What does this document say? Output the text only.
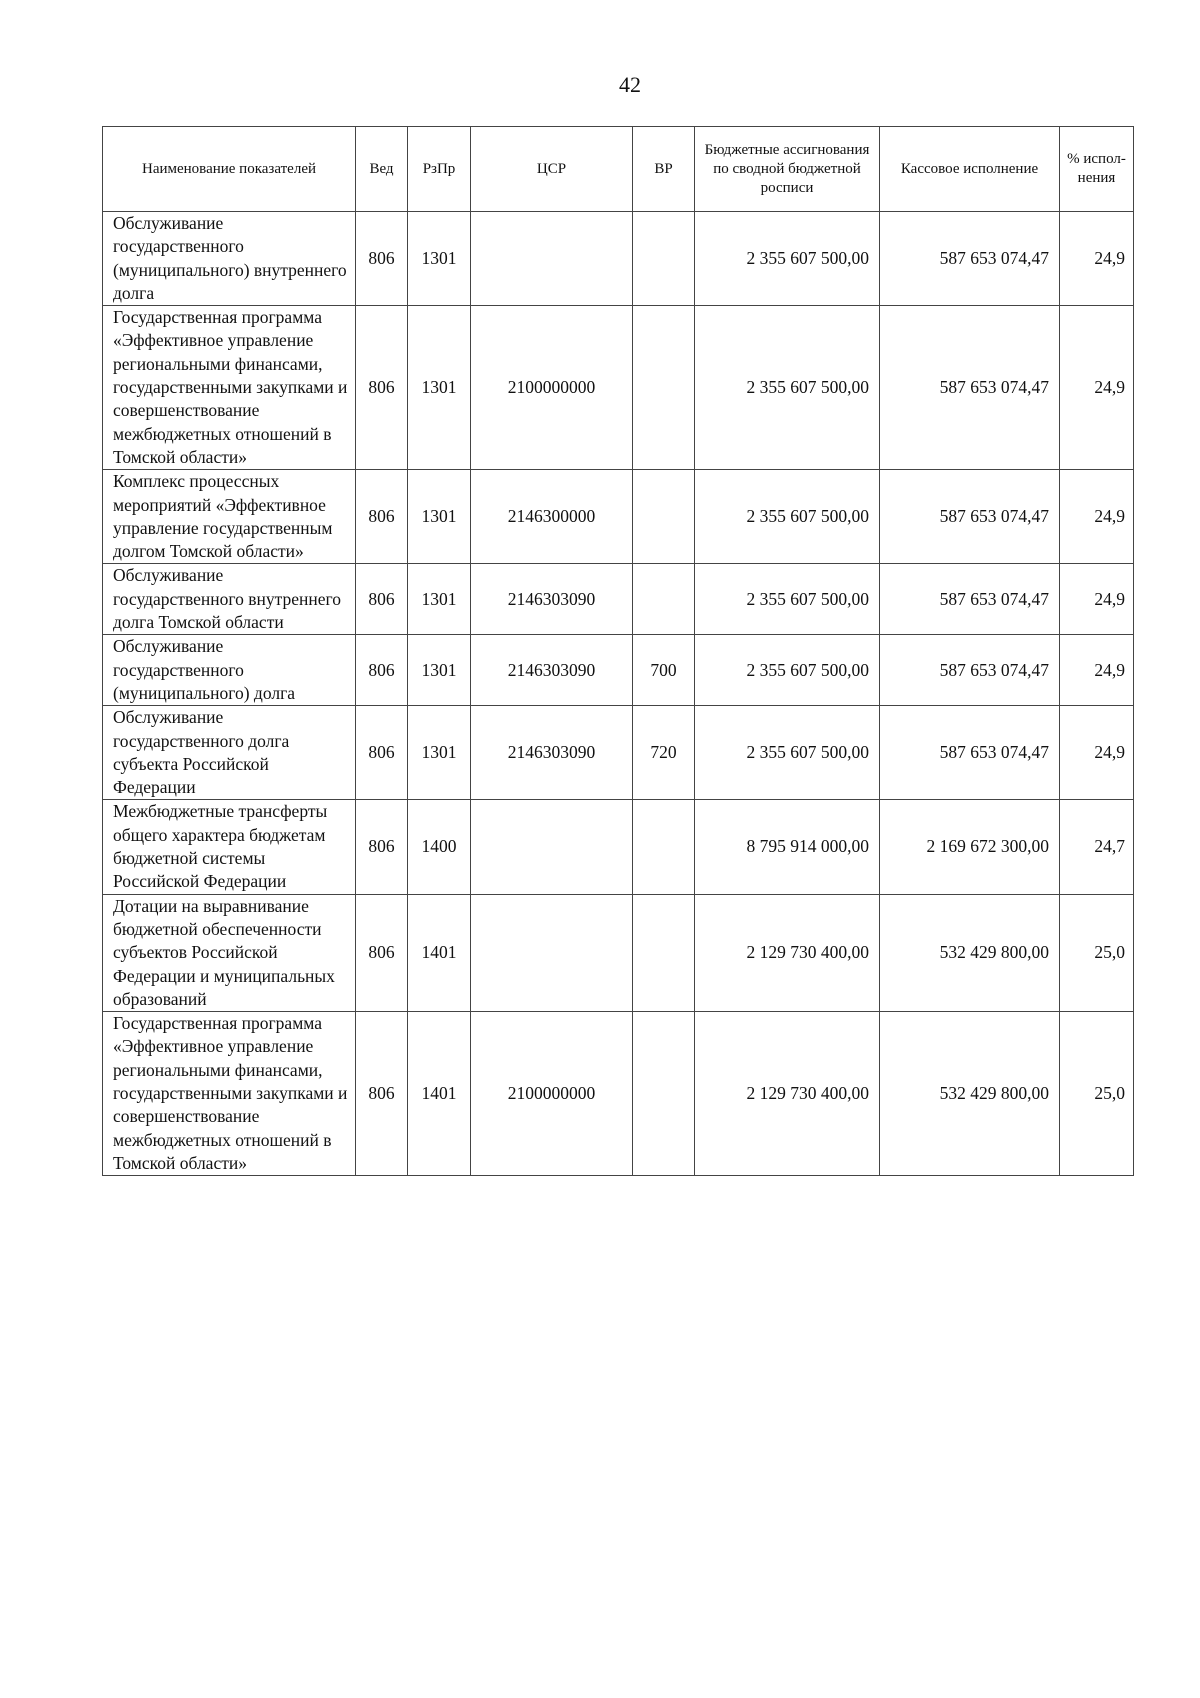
42
Наименование показателей	Вед	РзПр	ЦСР	ВР	Бюджетные ассигнования по сводной бюджетной росписи	Кассовое исполнение	% испол-нения
Обслуживание государственного (муниципального) внутреннего долга	806	1301			2 355 607 500,00	587 653 074,47	24,9
Государственная программа «Эффективное управление региональными финансами, государственными закупками и совершенствование межбюджетных отношений в Томской области»	806	1301	2100000000		2 355 607 500,00	587 653 074,47	24,9
Комплекс процессных мероприятий «Эффективное управление государственным долгом Томской области»	806	1301	2146300000		2 355 607 500,00	587 653 074,47	24,9
Обслуживание государственного внутреннего долга Томской области	806	1301	2146303090		2 355 607 500,00	587 653 074,47	24,9
Обслуживание государственного (муниципального) долга	806	1301	2146303090	700	2 355 607 500,00	587 653 074,47	24,9
Обслуживание государственного долга субъекта Российской Федерации	806	1301	2146303090	720	2 355 607 500,00	587 653 074,47	24,9
Межбюджетные трансферты общего характера бюджетам бюджетной системы Российской Федерации	806	1400			8 795 914 000,00	2 169 672 300,00	24,7
Дотации на выравнивание бюджетной обеспеченности субъектов Российской Федерации и муниципальных образований	806	1401			2 129 730 400,00	532 429 800,00	25,0
Государственная программа «Эффективное управление региональными финансами, государственными закупками и совершенствование межбюджетных отношений в Томской области»	806	1401	2100000000		2 129 730 400,00	532 429 800,00	25,0
